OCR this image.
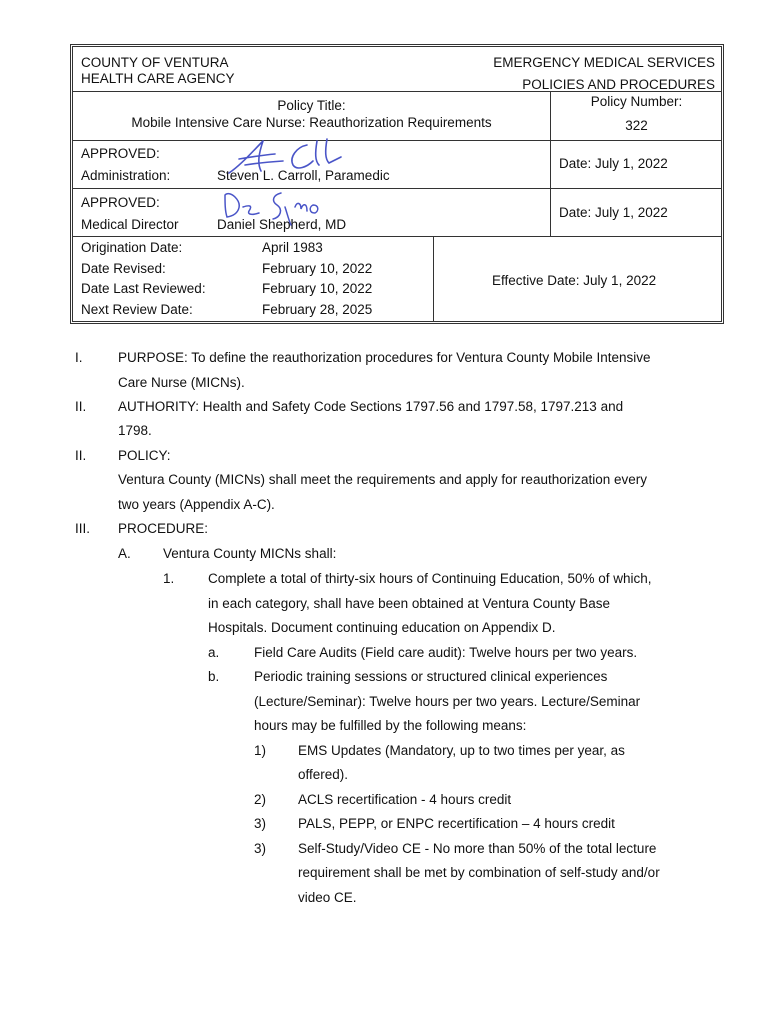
COUNTY OF VENTURA
HEALTH CARE AGENCY
EMERGENCY MEDICAL SERVICES
POLICIES AND PROCEDURES
Policy Title:
Mobile Intensive Care Nurse: Reauthorization Requirements
Policy Number:
322
APPROVED:
Administration:	Steven L. Carroll, Paramedic
Date: July 1, 2022
APPROVED:
Medical Director	Daniel Shepherd, MD
Date: July 1, 2022
Origination Date:	April 1983
Date Revised:	February 10, 2022
Date Last Reviewed:	February 10, 2022
Next Review Date:	February 28, 2025
Effective Date: July 1, 2022
I.	PURPOSE: To define the reauthorization procedures for Ventura County Mobile Intensive
Care Nurse (MICNs).
II. AUTHORITY: Health and Safety Code Sections 1797.56 and 1797.58, 1797.213 and
1798.
II. POLICY:
Ventura County (MICNs) shall meet the requirements and apply for reauthorization every
two years (Appendix A-C).
III. PROCEDURE:
A. Ventura County MICNs shall:
1. Complete a total of thirty-six hours of Continuing Education, 50% of which,
in each category, shall have been obtained at Ventura County Base
Hospitals. Document continuing education on Appendix D.
a.	Field Care Audits (Field care audit): Twelve hours per two years.
b.	Periodic training sessions or structured clinical experiences
(Lecture/Seminar): Twelve hours per two years. Lecture/Seminar
hours may be fulfilled by the following means:
1) EMS Updates (Mandatory, up to two times per year, as
offered).
2) ACLS recertification - 4 hours credit
3) PALS, PEPP, or ENPC recertification – 4 hours credit
3) Self-Study/Video CE - No more than 50% of the total lecture
requirement shall be met by combination of self-study and/or
video CE.
